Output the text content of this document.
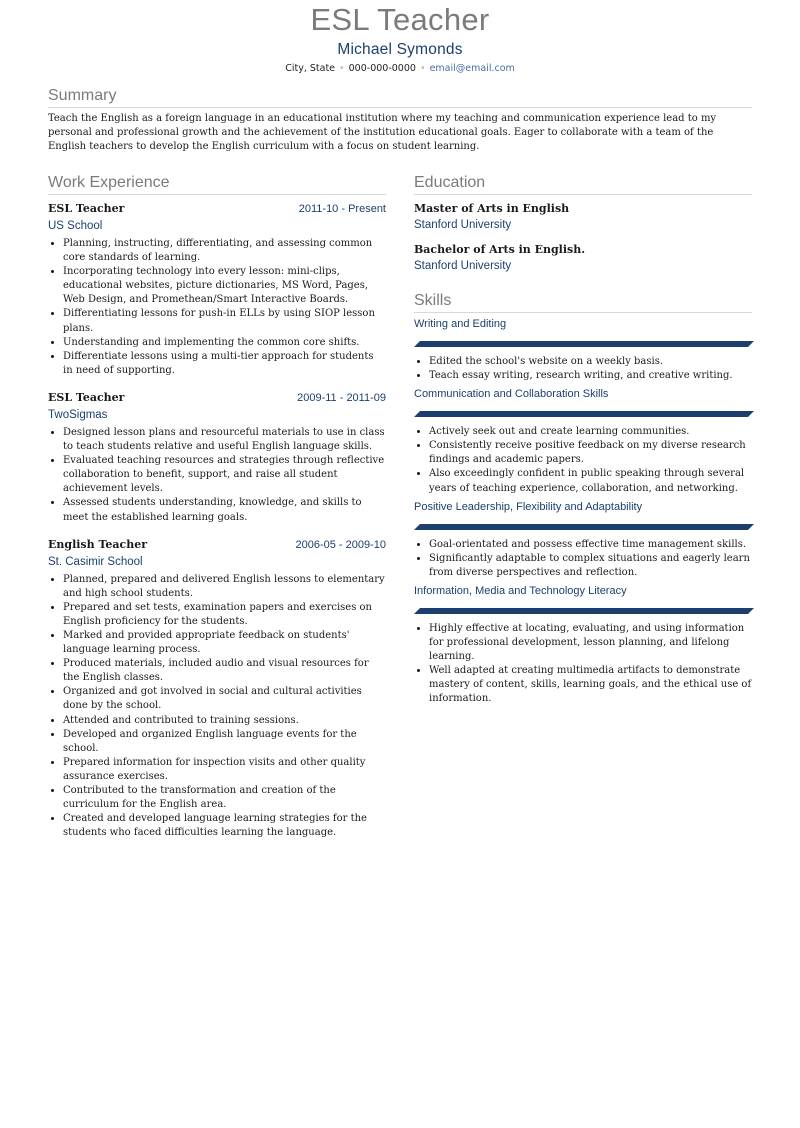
ESL Teacher
Michael Symonds
City, State • 000-000-0000 • email@email.com
Summary

Teach the English as a foreign language in an educational institution where my teaching and communication experience lead to my personal and professional growth and the achievement of the institution educational goals. Eager to collaborate with a team of the English teachers to develop the English curriculum with a focus on student learning.

Work Experience
ESL Teacher	2011-10 - Present
US School
• Planning, instructing, differentiating, and assessing common core standards of learning.
• Incorporating technology into every lesson: mini-clips, educational websites, picture dictionaries, MS Word, Pages, Web Design, and Promethean/Smart Interactive Boards.
• Differentiating lessons for push-in ELLs by using SIOP lesson plans.
• Understanding and implementing the common core shifts.
• Differentiate lessons using a multi-tier approach for students in need of supporting.
ESL Teacher	2009-11 - 2011-09
TwoSigmas
• Designed lesson plans and resourceful materials to use in class to teach students relative and useful English language skills.
• Evaluated teaching resources and strategies through reflective collaboration to benefit, support, and raise all student achievement levels.
• Assessed students understanding, knowledge, and skills to meet the established learning goals.
English Teacher	2006-05 - 2009-10
St. Casimir School
• Planned, prepared and delivered English lessons to elementary and high school students.
• Prepared and set tests, examination papers and exercises on English proficiency for the students.
• Marked and provided appropriate feedback on students' language learning process.
• Produced materials, included audio and visual resources for the English classes.
• Organized and got involved in social and cultural activities done by the school.
• Attended and contributed to training sessions.
• Developed and organized English language events for the school.
• Prepared information for inspection visits and other quality assurance exercises.
• Contributed to the transformation and creation of the curriculum for the English area.
• Created and developed language learning strategies for the students who faced difficulties learning the language.
Education
Master of Arts in English
Stanford University
Bachelor of Arts in English.
Stanford University
Skills
Writing and Editing
• Edited the school's website on a weekly basis.
• Teach essay writing, research writing, and creative writing.
Communication and Collaboration Skills
• Actively seek out and create learning communities.
• Consistently receive positive feedback on my diverse research findings and academic papers.
• Also exceedingly confident in public speaking through several years of teaching experience, collaboration, and networking.
Positive Leadership, Flexibility and Adaptability
• Goal-orientated and possess effective time management skills.
• Significantly adaptable to complex situations and eagerly learn from diverse perspectives and reflection.
Information, Media and Technology Literacy
• Highly effective at locating, evaluating, and using information for professional development, lesson planning, and lifelong learning.
• Well adapted at creating multimedia artifacts to demonstrate mastery of content, skills, learning goals, and the ethical use of information.
